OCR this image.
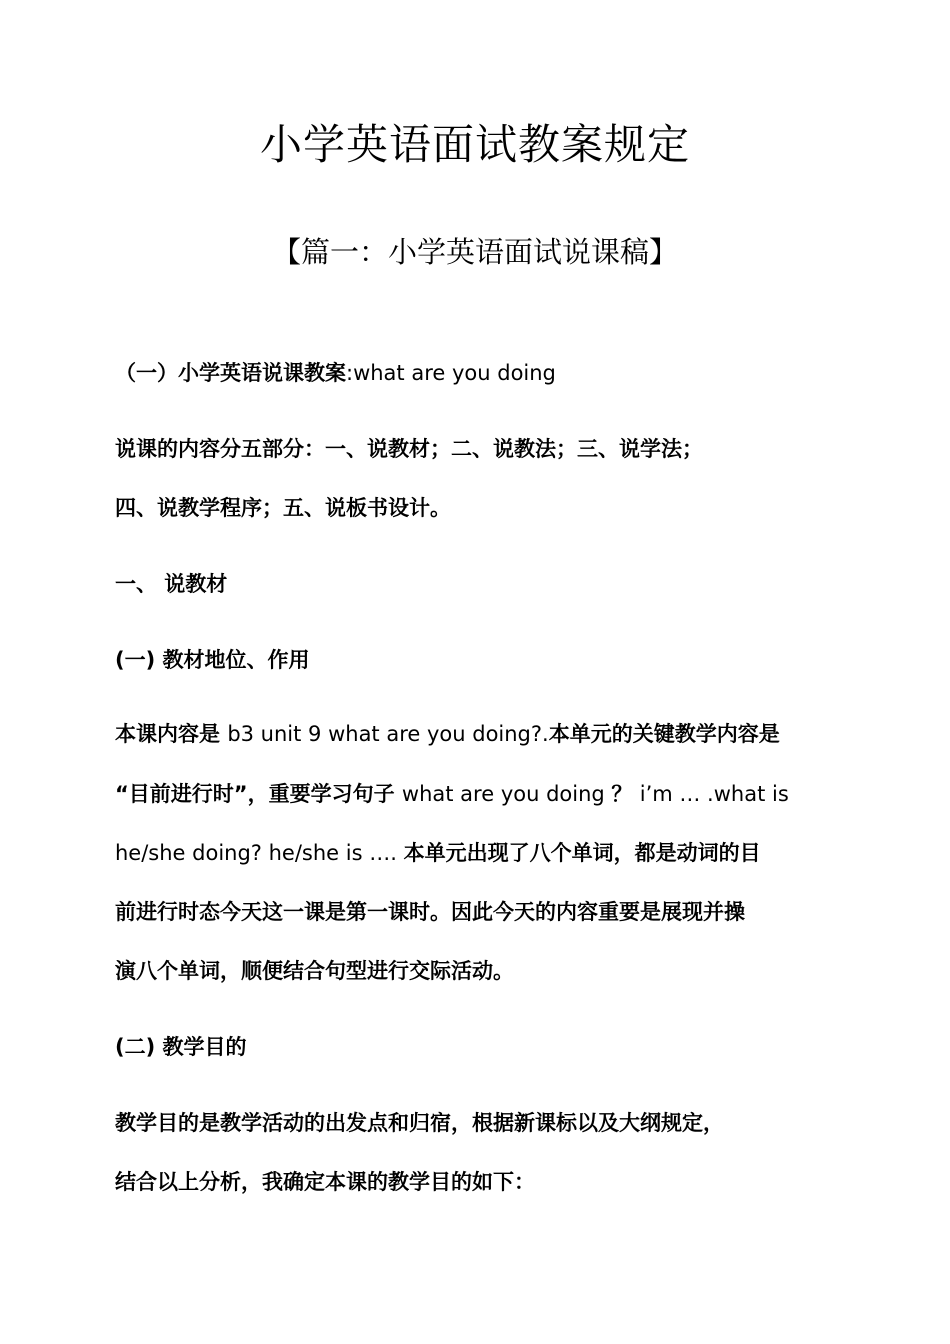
小学英语面试教案规定
【篇一：小学英语面试说课稿】
（一）小学英语说课教案:what are you doing
说课的内容分五部分：一、说教材；二、说教法；三、说学法；
四、说教学程序；五、说板书设计。
一、 说教材
(一) 教材地位、作用
本课内容是 b3 unit 9 what are you doing?.本单元的关键教学内容是
“目前进行时”，重要学习句子 what are you doing ？ i’m … .what is
he/she doing? he/she is …. 本单元出现了八个单词，都是动词的目
前进行时态今天这一课是第一课时。因此今天的内容重要是展现并操
演八个单词，顺便结合句型进行交际活动。
(二) 教学目的
教学目的是教学活动的出发点和归宿，根据新课标以及大纲规定，
结合以上分析，我确定本课的教学目的如下：
